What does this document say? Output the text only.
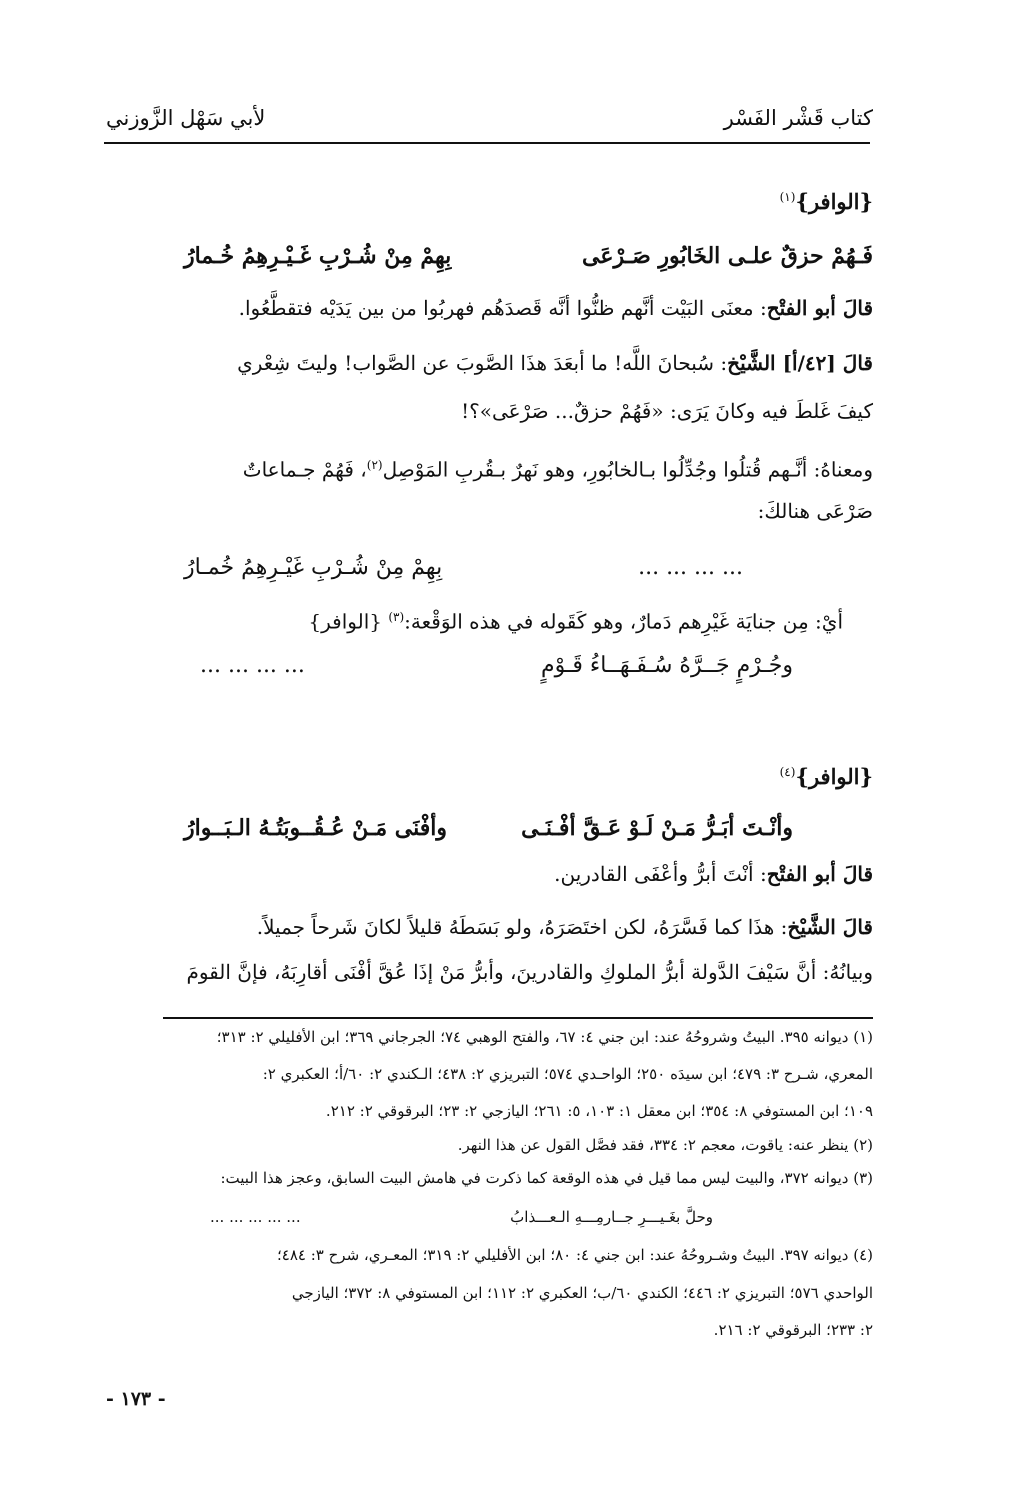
كتاب قَشْر الفَسْر
لأبي سَهْل الزَّوزني
{الوافر}$^{(١)}$
فَـهُمْ حزقٌ علـى الخَابُورِ صَـرْعَى
بِهِمْ مِنْ شُـرْبِ غَـيْـرِهِمُ خُـمارُ
قالَ أبو الفتْح: معنَى البَيْت أنَّهم ظنُّوا أنَّه قَصدَهُم فهربُوا من بين يَدَيْه فتقطَّعُوا.
قالَ [٤٢/أ] الشَّيْخ: سُبحانَ اللَّه! ما أبعَدَ هذَا الصَّوبَ عن الصَّواب! وليتَ شِعْري
كيفَ غَلطَ فيه وكانَ يَرَى: «فَهُمْ حزقٌ... صَرْعَى»؟!
ومعناهُ: أنَّـهم قُتلُوا وجُدِّلُوا بـالخابُورِ، وهو نَهرٌ بـقُربِ المَوْصِل$^{(٢)}$، فَهُمْ جـماعاتٌ
صَرْعَى هنالكَ:
... ... ... ...
بِهِمْ مِنْ شُـرْبِ غَيْـرِهِمُ خُمـارُ
أيْ: مِن جنايَة غَيْرِهم دَمارٌ، وهو كَقَوله في هذه الوَقْعة:$^{(٣)}$ {الوافر}
وجُـرْمٍ جَــرَّهُ سُـفَـهَــاءُ قَـوْمٍ
... ... ... ...
{الوافر}$^{(٤)}$
وأنْـتَ أبَـرُّ مَـنْ لَـوْ عَـقَّ أفْـنَـى
وأفْنَى مَـنْ عُـقُــوبَتُـهُ الـبَــوارُ
قالَ أبو الفتْح: أنْتَ أبرُّ وأعْفَى القادرين.
قالَ الشَّيْخ: هذَا كما فَسَّرَهُ، لكن اختَصَرَهُ، ولو بَسَطَهُ قليلاً لكانَ شَرحاً جميلاً.
وبيانُهُ: أنَّ سَيْفَ الدَّولة أبرُّ الملوكِ والقادرينَ، وأبرُّ مَنْ إذَا عُقَّ أفْنَى أقارِبَهُ، فإنَّ القومَ
(١) ديوانه ٣٩٥. البيتُ وشروحُهُ عند: ابن جني ٤: ٦٧، والفتح الوهبي ٧٤؛ الجرجاني ٣٦٩؛ ابن الأفليلي ٢: ٣١٣؛
المعري، شـرح ٣: ٤٧٩؛ ابن سيدَه ٢٥٠؛ الواحـدي ٥٧٤؛ التبريزي ٢: ٤٣٨؛ الـكندي ٢: ٦٠/أ؛ العكبري ٢:
١٠٩؛ ابن المستوفي ٨: ٣٥٤؛ ابن معقل ١: ١٠٣، ٥: ٢٦١؛ اليازجي ٢: ٢٣؛ البرقوقي ٢: ٢١٢.
(٢) ينظر عنه: ياقوت، معجم ٢: ٣٣٤، فقد فصَّل القول عن هذا النهر.
(٣) ديوانه ٣٧٢، والبيت ليس مما قيل في هذه الوقعة كما ذكرت في هامش البيت السابق، وعجز هذا البيت:
وحلَّ بغَـيـــرِ جــارمِـــهِ الـعـــذابُ
... ... ... ... ...
(٤) ديوانه ٣٩٧. البيتُ وشـروحُهُ عند: ابن جني ٤: ٨٠؛ ابن الأفليلي ٢: ٣١٩؛ المعـري، شرح ٣: ٤٨٤؛
الواحدي ٥٧٦؛ التبريزي ٢: ٤٤٦؛ الكندي ٦٠/ب؛ العكبري ٢: ١١٢؛ ابن المستوفي ٨: ٣٧٢؛ اليازجي
٢: ٢٣٣؛ البرقوقي ٢: ٢١٦.
- ١٧٣ -
